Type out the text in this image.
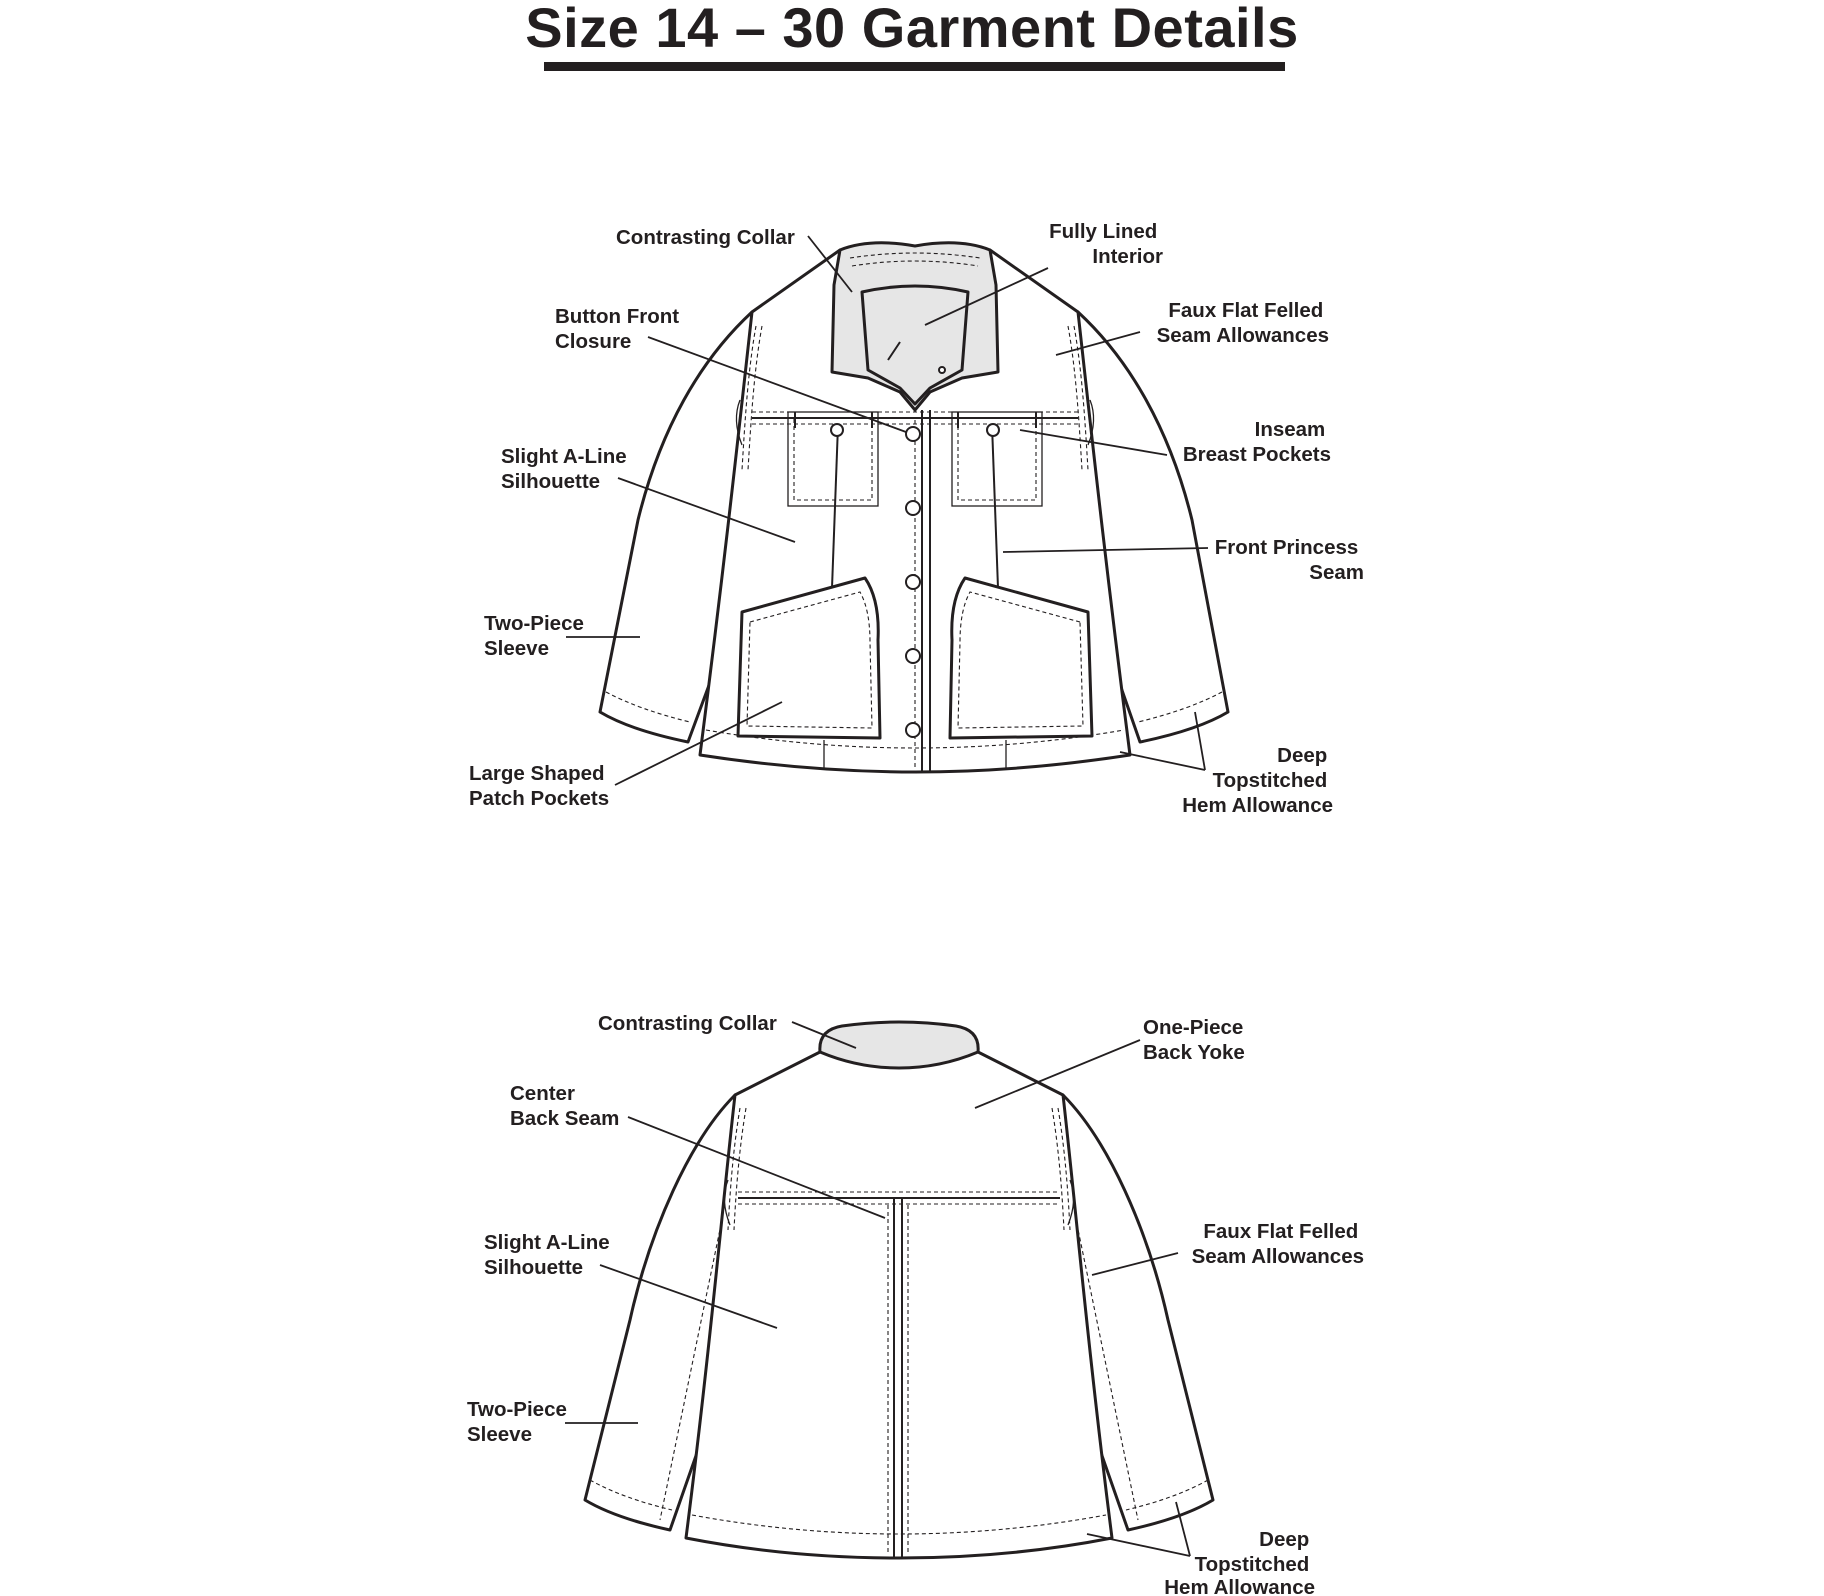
Size 14 – 30 Garment Details
Contrasting Collar	Fully Lined Interior
Button Front Closure
Faux Flat Felled Seam Allowances
Inseam Breast Pockets
Slight A-Line Silhouette
Front Princess Seam
Two-Piece Sleeve
Large Shaped Patch Pockets
Deep Topstitched Hem Allowance
Contrasting Collar	One-Piece Back Yoke
Center Back Seam
Slight A-Line Silhouette
Faux Flat Felled Seam Allowances
Two-Piece Sleeve
Deep Topstitched Hem Allowance
